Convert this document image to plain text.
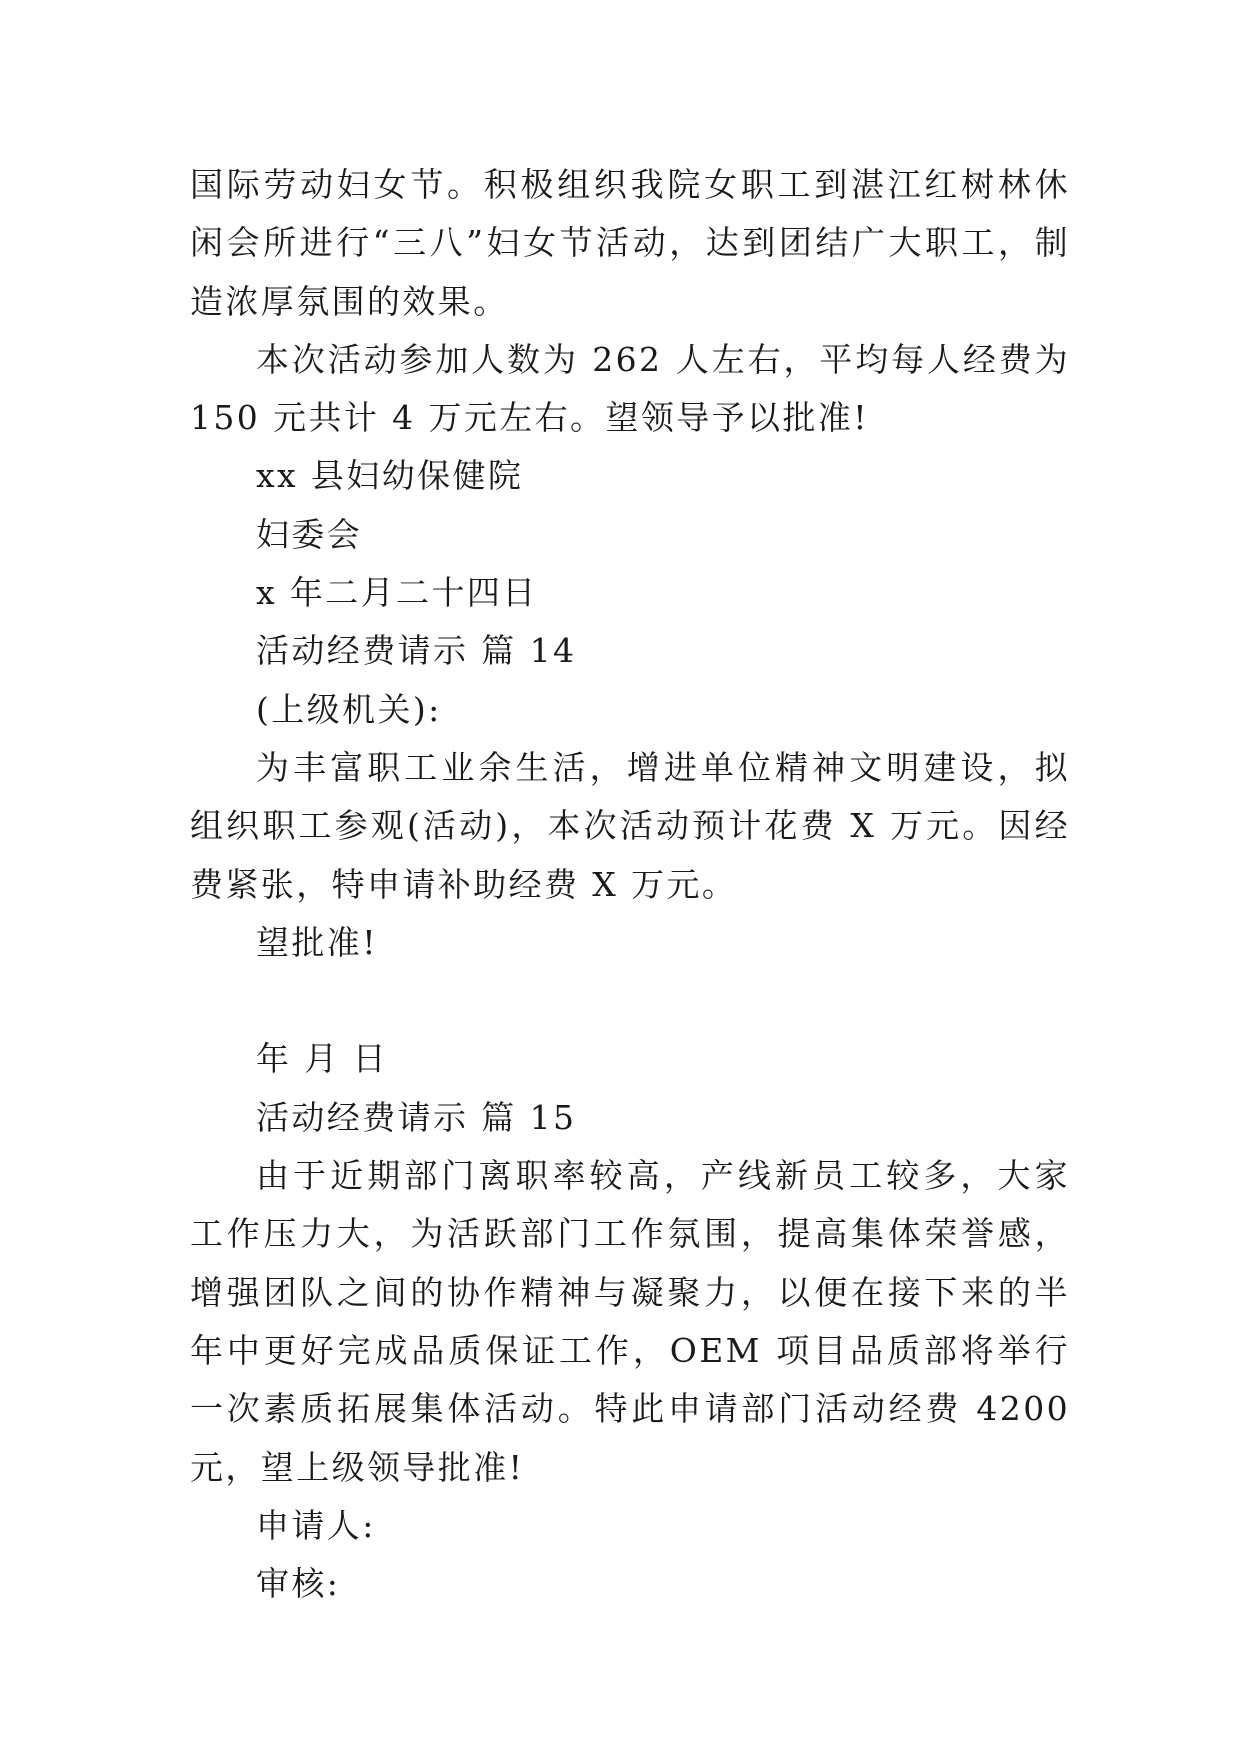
国际劳动妇女节。积极组织我院女职工到湛江红树林休闲会所进行“三八”妇女节活动，达到团结广大职工，制造浓厚氛围的效果。

本次活动参加人数为 262 人左右，平均每人经费为 150 元共计 4 万元左右。望领导予以批准!

xx 县妇幼保健院

妇委会

x 年二月二十四日

活动经费请示 篇 14

(上级机关):

为丰富职工业余生活，增进单位精神文明建设，拟组织职工参观(活动)，本次活动预计花费 X 万元。因经费紧张，特申请补助经费 X 万元。

望批准!

年 月 日

活动经费请示 篇 15

由于近期部门离职率较高，产线新员工较多，大家工作压力大，为活跃部门工作氛围，提高集体荣誉感，增强团队之间的协作精神与凝聚力，以便在接下来的半年中更好完成品质保证工作，OEM 项目品质部将举行一次素质拓展集体活动。特此申请部门活动经费 4200 元，望上级领导批准!

申请人:

审核:
